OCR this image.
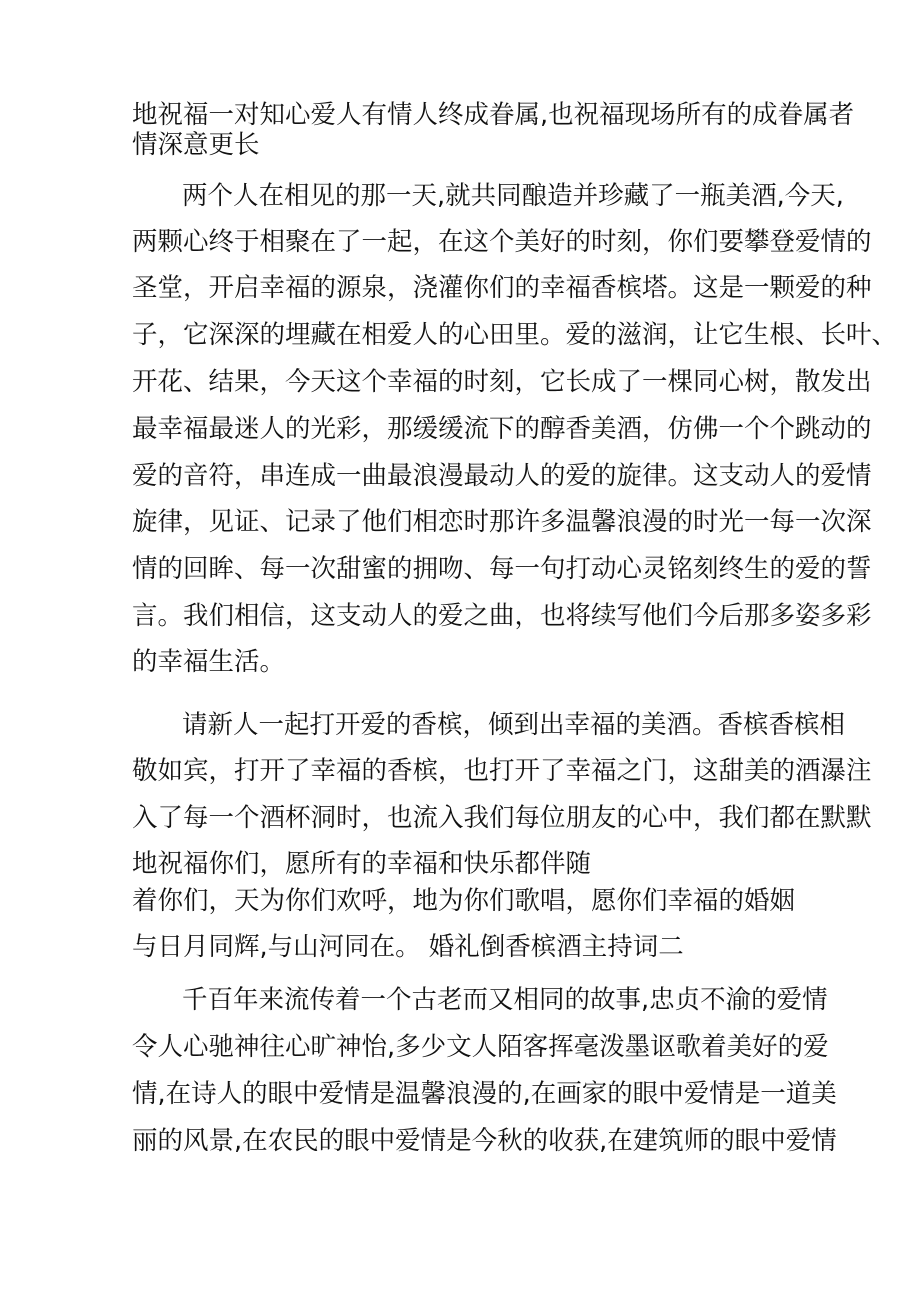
地祝福一对知心爱人有情人终成眷属,也祝福现场所有的成眷属者
情深意更长
两个人在相见的那一天,就共同酿造并珍藏了一瓶美酒,今天,
两颗心终于相聚在了一起，在这个美好的时刻，你们要攀登爱情的
圣堂，开启幸福的源泉，浇灌你们的幸福香槟塔。这是一颗爱的种
子，它深深的埋藏在相爱人的心田里。爱的滋润，让它生根、长叶、
开花、结果，今天这个幸福的时刻，它长成了一棵同心树，散发出
最幸福最迷人的光彩，那缓缓流下的醇香美酒，仿佛一个个跳动的
爱的音符，串连成一曲最浪漫最动人的爱的旋律。这支动人的爱情
旋律，见证、记录了他们相恋时那许多温馨浪漫的时光一每一次深
情的回眸、每一次甜蜜的拥吻、每一句打动心灵铭刻终生的爱的誓
言。我们相信，这支动人的爱之曲，也将续写他们今后那多姿多彩
的幸福生活。
请新人一起打开爱的香槟，倾到出幸福的美酒。香槟香槟相
敬如宾，打开了幸福的香槟，也打开了幸福之门，这甜美的酒瀑注
入了每一个酒杯洞时，也流入我们每位朋友的心中，我们都在默默
地祝福你们，愿所有的幸福和快乐都伴随
着你们，天为你们欢呼，地为你们歌唱，愿你们幸福的婚姻
与日月同辉,与山河同在。 婚礼倒香槟酒主持词二
千百年来流传着一个古老而又相同的故事,忠贞不渝的爱情
令人心驰神往心旷神怡,多少文人陌客挥毫泼墨讴歌着美好的爱
情,在诗人的眼中爱情是温馨浪漫的,在画家的眼中爱情是一道美
丽的风景,在农民的眼中爱情是今秋的收获,在建筑师的眼中爱情
